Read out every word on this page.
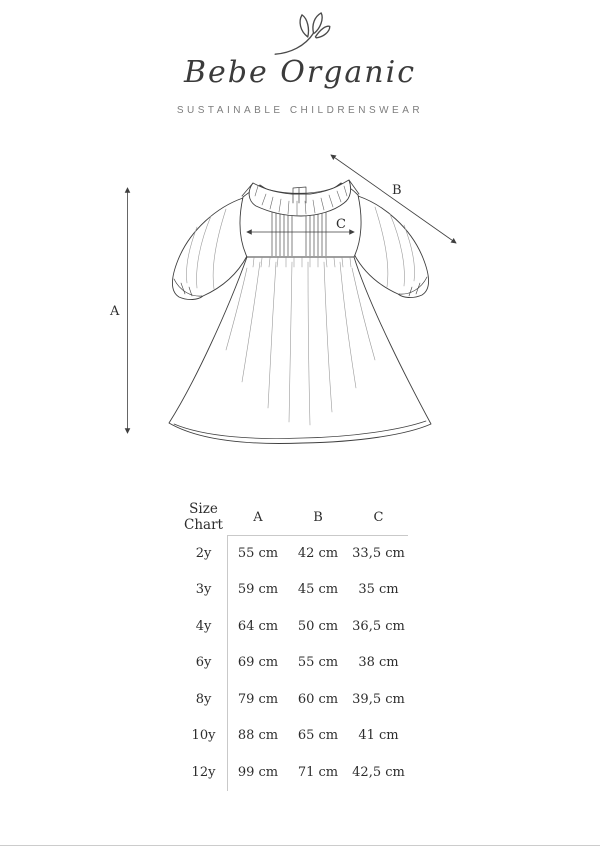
Bebe Organic
SUSTAINABLE CHILDRENSWEAR
A
B
C
Size
Chart	A	B	C
2y	55 cm	42 cm	33,5 cm
3y	59 cm	45 cm	35 cm
4y	64 cm	50 cm	36,5 cm
6y	69 cm	55 cm	38 cm
8y	79 cm	60 cm	39,5 cm
10y	88 cm	65 cm	41 cm
12y	99 cm	71 cm	42,5 cm
